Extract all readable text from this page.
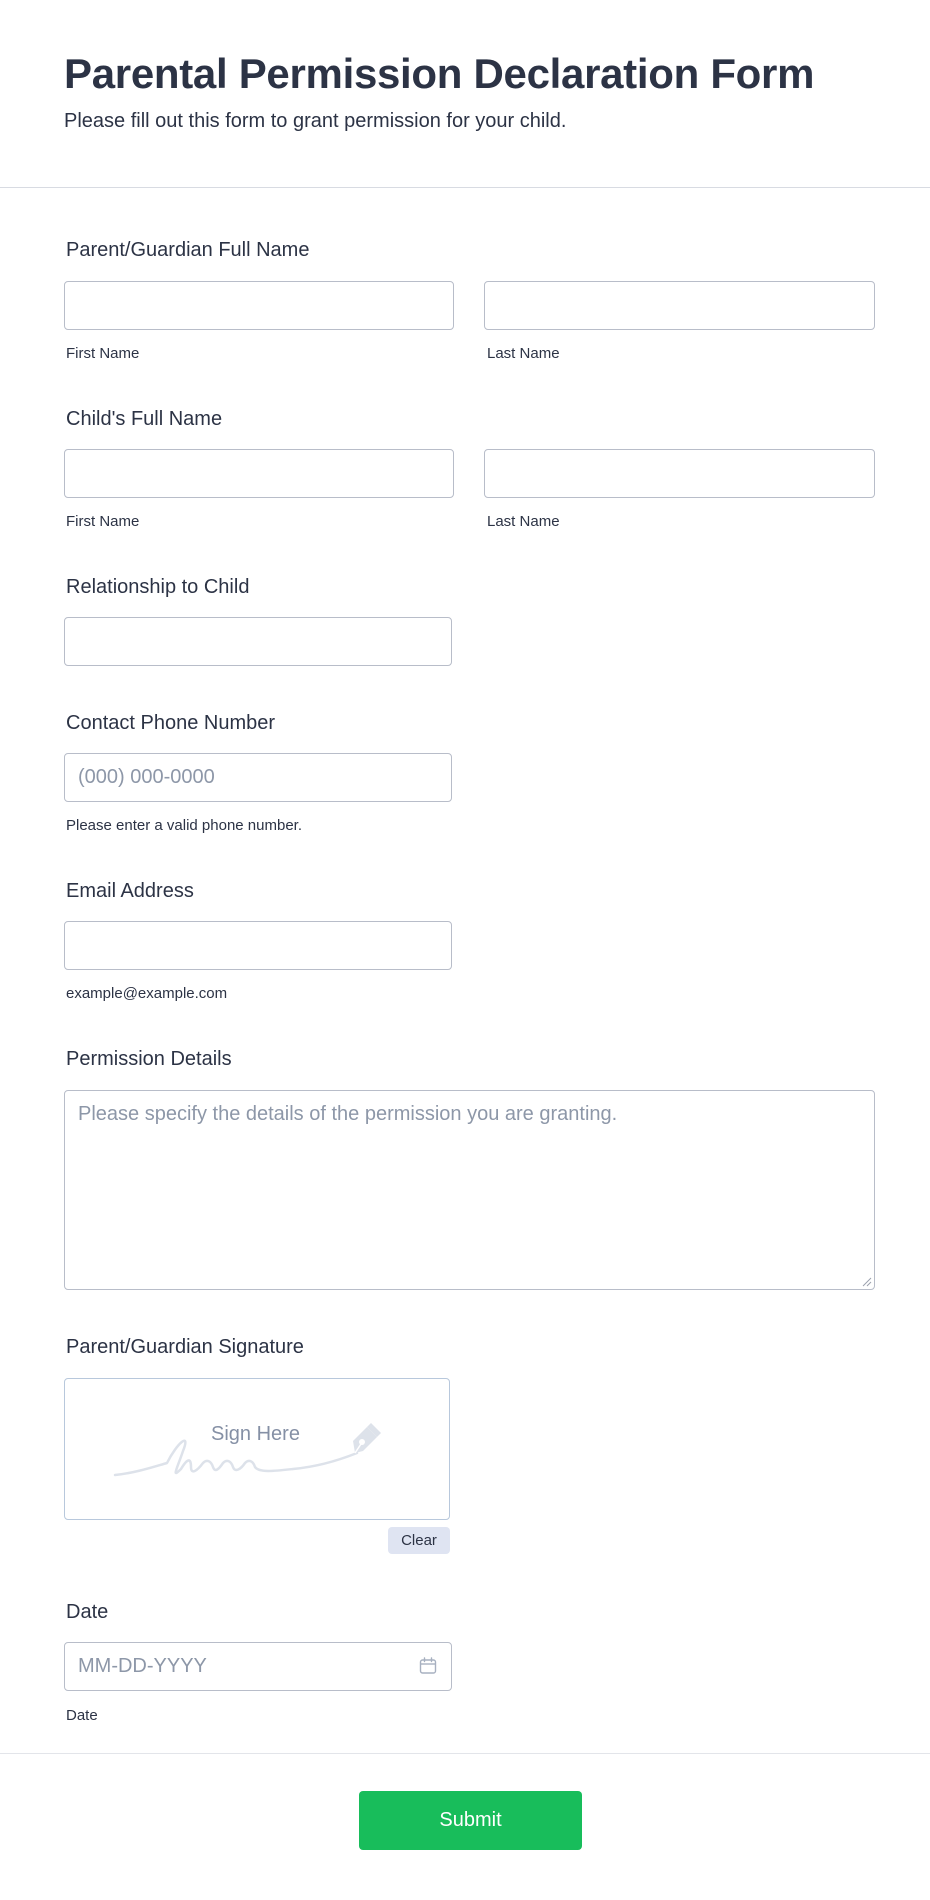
Parental Permission Declaration Form

Please fill out this form to grant permission for your child.

Parent/Guardian Full Name
First Name	Last Name
Child's Full Name
First Name	Last Name
Relationship to Child
Contact Phone Number
(000) 000-0000
Please enter a valid phone number.
Email Address
example@example.com
Permission Details
Please specify the details of the permission you are granting.
Parent/Guardian Signature
Sign Here
Clear
Date
MM-DD-YYYY
Date
Submit
